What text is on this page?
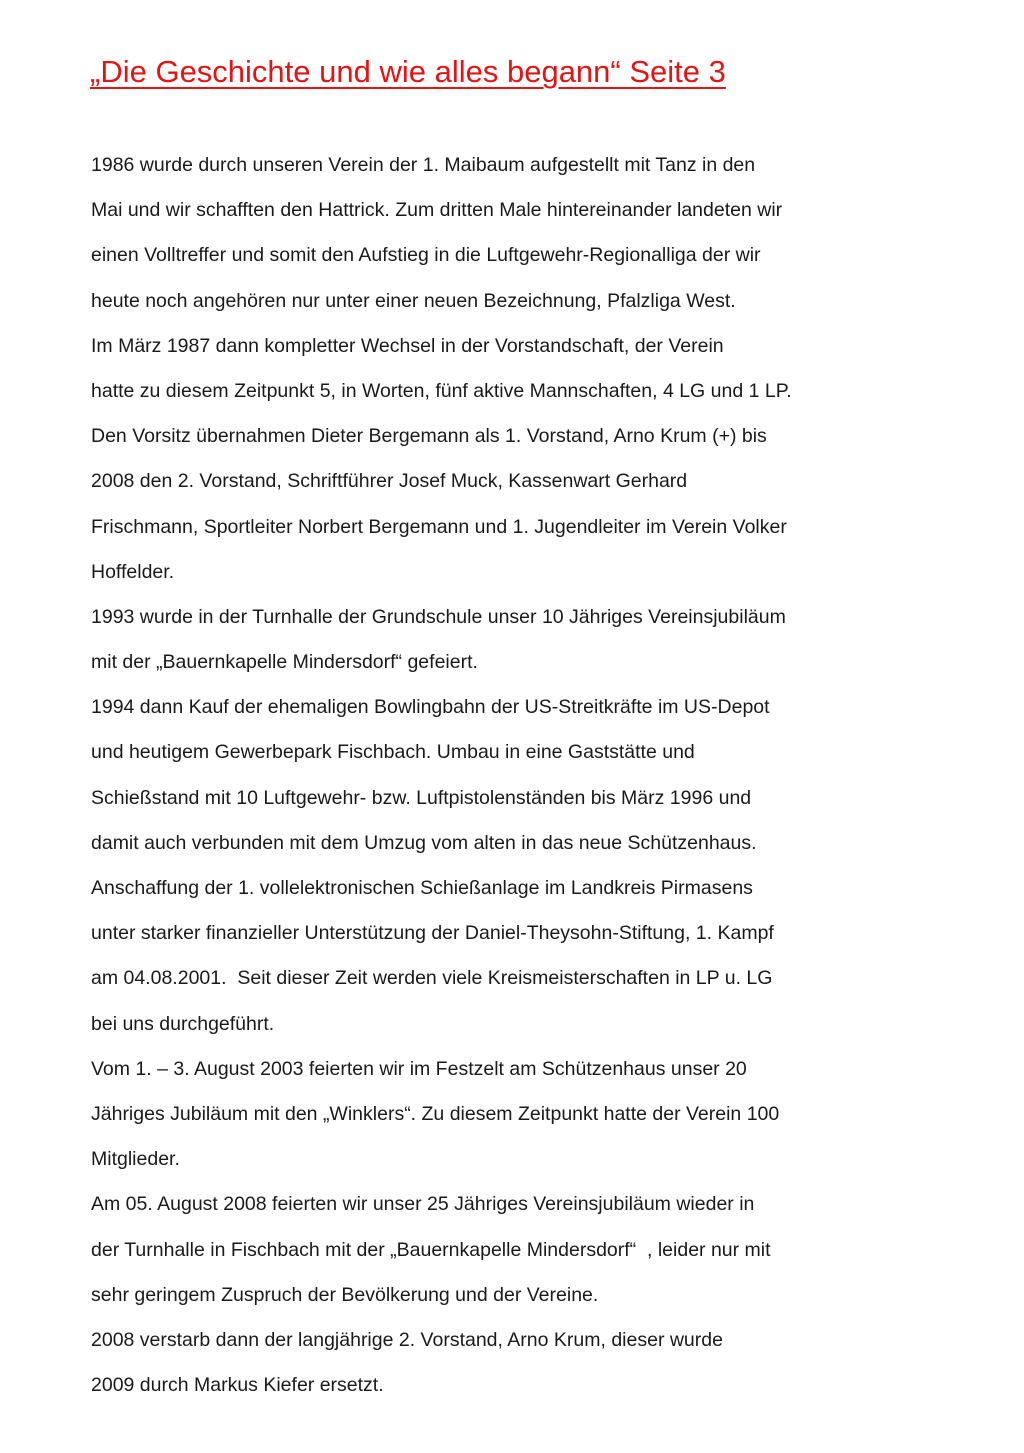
„Die Geschichte und wie alles begann“ Seite 3
1986 wurde durch unseren Verein der 1. Maibaum aufgestellt mit Tanz in den
Mai und wir schafften den Hattrick. Zum dritten Male hintereinander landeten wir
einen Volltreffer und somit den Aufstieg in die Luftgewehr-Regionalliga der wir
heute noch angehören nur unter einer neuen Bezeichnung, Pfalzliga West.
Im März 1987 dann kompletter Wechsel in der Vorstandschaft, der Verein
hatte zu diesem Zeitpunkt 5, in Worten, fünf aktive Mannschaften, 4 LG und 1 LP.
Den Vorsitz übernahmen Dieter Bergemann als 1. Vorstand, Arno Krum (+) bis
2008 den 2. Vorstand, Schriftführer Josef Muck, Kassenwart Gerhard
Frischmann, Sportleiter Norbert Bergemann und 1. Jugendleiter im Verein Volker
Hoffelder.
1993 wurde in der Turnhalle der Grundschule unser 10 Jähriges Vereinsjubiläum
mit der „Bauernkapelle Mindersdorf“ gefeiert.
1994 dann Kauf der ehemaligen Bowlingbahn der US-Streitkräfte im US-Depot
und heutigem Gewerbepark Fischbach. Umbau in eine Gaststätte und
Schießstand mit 10 Luftgewehr- bzw. Luftpistolenständen bis März 1996 und
damit auch verbunden mit dem Umzug vom alten in das neue Schützenhaus.
Anschaffung der 1. vollelektronischen Schießanlage im Landkreis Pirmasens
unter starker finanzieller Unterstützung der Daniel-Theysohn-Stiftung, 1. Kampf
am 04.08.2001.  Seit dieser Zeit werden viele Kreismeisterschaften in LP u. LG
bei uns durchgeführt.
Vom 1. – 3. August 2003 feierten wir im Festzelt am Schützenhaus unser 20
Jähriges Jubiläum mit den „Winklers“. Zu diesem Zeitpunkt hatte der Verein 100
Mitglieder.
Am 05. August 2008 feierten wir unser 25 Jähriges Vereinsjubiläum wieder in
der Turnhalle in Fischbach mit der „Bauernkapelle Mindersdorf“  , leider nur mit
sehr geringem Zuspruch der Bevölkerung und der Vereine.
2008 verstarb dann der langjährige 2. Vorstand, Arno Krum, dieser wurde
2009 durch Markus Kiefer ersetzt.
